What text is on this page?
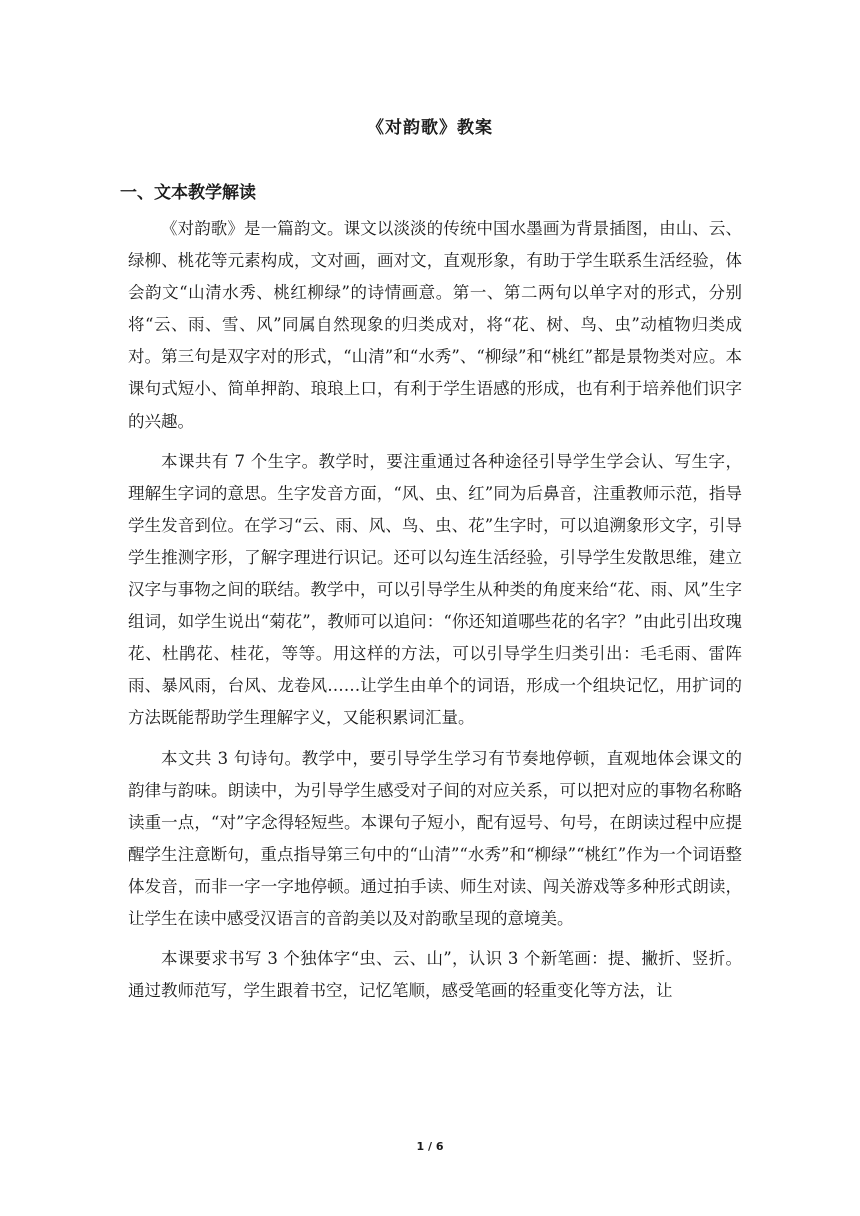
《对韵歌》教案
一、文本教学解读

《对韵歌》是一篇韵文。课文以淡淡的传统中国水墨画为背景插图，由山、云、绿柳、桃花等元素构成，文对画，画对文，直观形象，有助于学生联系生活经验，体会韵文“山清水秀、桃红柳绿”的诗情画意。第一、第二两句以单字对的形式，分别将“云、雨、雪、风”同属自然现象的归类成对，将“花、树、鸟、虫”动植物归类成对。第三句是双字对的形式，“山清”和“水秀”、“柳绿”和“桃红”都是景物类对应。本课句式短小、简单押韵、琅琅上口，有利于学生语感的形成，也有利于培养他们识字的兴趣。

本课共有 7 个生字。教学时，要注重通过各种途径引导学生学会认、写生字，理解生字词的意思。生字发音方面，“风、虫、红”同为后鼻音，注重教师示范，指导学生发音到位。在学习“云、雨、风、鸟、虫、花”生字时，可以追溯象形文字，引导学生推测字形，了解字理进行识记。还可以勾连生活经验，引导学生发散思维，建立汉字与事物之间的联结。教学中，可以引导学生从种类的角度来给“花、雨、风”生字组词，如学生说出“菊花”，教师可以追问：“你还知道哪些花的名字？”由此引出玫瑰花、杜鹃花、桂花，等等。用这样的方法，可以引导学生归类引出：毛毛雨、雷阵雨、暴风雨，台风、龙卷风……让学生由单个的词语，形成一个组块记忆，用扩词的方法既能帮助学生理解字义，又能积累词汇量。

本文共 3 句诗句。教学中，要引导学生学习有节奏地停顿，直观地体会课文的韵律与韵味。朗读中，为引导学生感受对子间的对应关系，可以把对应的事物名称略读重一点，“对”字念得轻短些。本课句子短小，配有逗号、句号，在朗读过程中应提醒学生注意断句，重点指导第三句中的“山清”“水秀”和“柳绿”“桃红”作为一个词语整体发音，而非一字一字地停顿。通过拍手读、师生对读、闯关游戏等多种形式朗读，让学生在读中感受汉语言的音韵美以及对韵歌呈现的意境美。

本课要求书写 3 个独体字“虫、云、山”，认识 3 个新笔画：提、撇折、竖折。通过教师范写，学生跟着书空，记忆笔顺，感受笔画的轻重变化等方法，让

1 / 6
